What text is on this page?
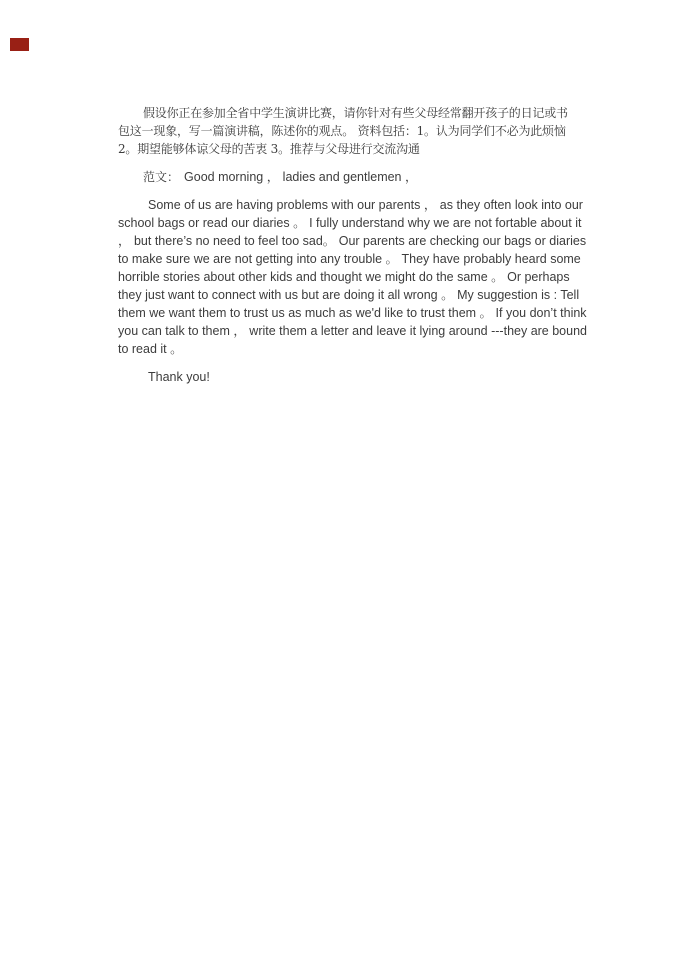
假设你正在参加全省中学生演讲比赛，请你针对有些父母经常翻开孩子的日记或书
包这一现象，写一篇演讲稿，陈述你的观点。 资料包括：1。认为同学们不必为此烦恼
2。期望能够体谅父母的苦衷 3。推荐与父母进行交流沟通
范文： Good morning ， ladies and gentlemen ，
Some of us are having problems with our parents ， as they often look into our
school bags or read our diaries 。 I fully understand why we are not fortable about it
， but there’s no need to feel too sad。 Our parents are checking our bags or diaries
to make sure we are not getting into any trouble 。 They have probably heard some
horrible stories about other kids and thought we might do the same 。 Or perhaps
they just want to connect with us but are doing it all wrong 。 My suggestion is : Tell
them we want them to trust us as much as we'd like to trust them 。 If you don’t think
you can talk to them ， write them a letter and leave it lying around ---they are bound
to read it 。
Thank you!
